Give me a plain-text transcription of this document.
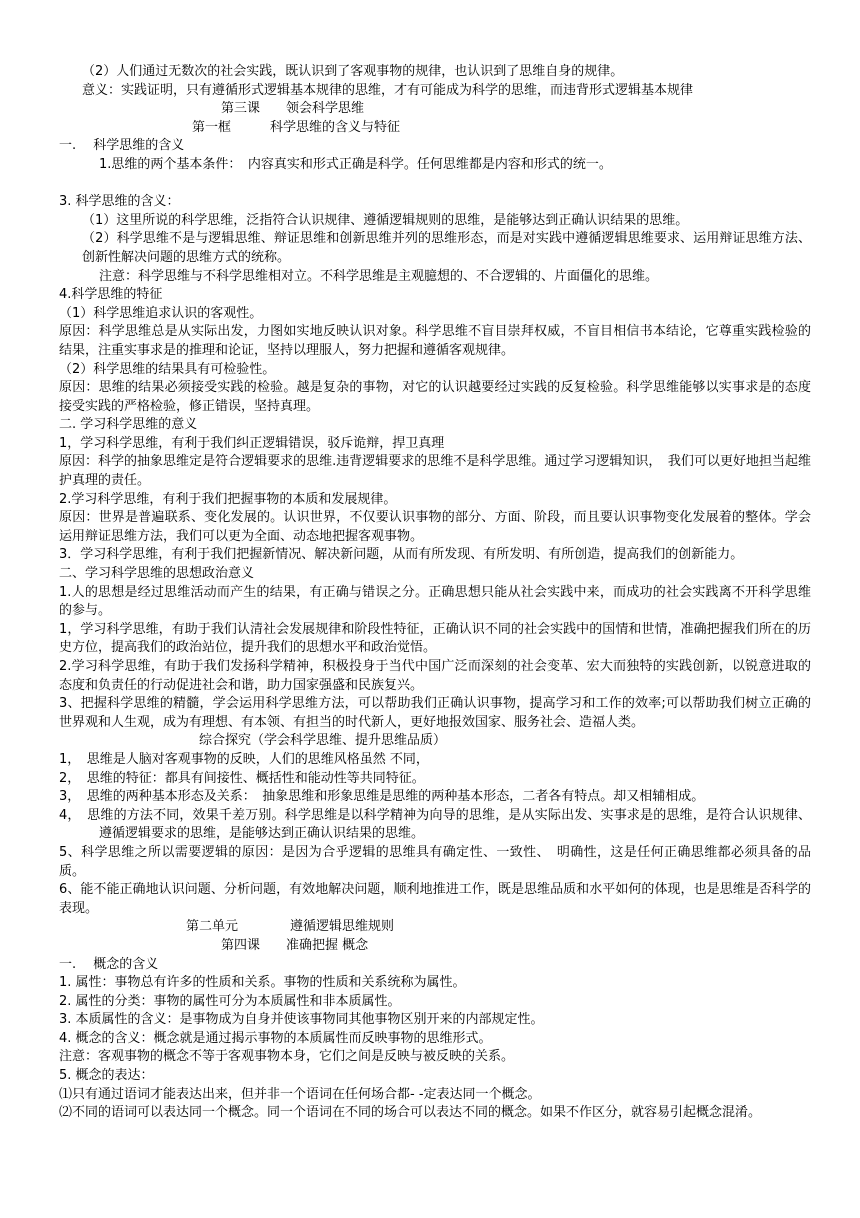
（2）人们通过无数次的社会实践，既认识到了客观事物的规律，也认识到了思维自身的规律。

意义：实践证明，只有遵循形式逻辑基本规律的思维，才有可能成为科学的思维，而违背形式逻辑基本规律

第三课　　领会科学思维

第一框　　　科学思维的含义与特征

一.　 科学思维的含义

1.思维的两个基本条件：　内容真实和形式正确是科学。任何思维都是内容和形式的统一。

3. 科学思维的含义：

（1）这里所说的科学思维，泛指符合认识规律、遵循逻辑规则的思维，是能够达到正确认识结果的思维。

（2）科学思维不是与逻辑思维、辩证思维和创新思维并列的思维形态，而是对实践中遵循逻辑思维要求、运用辩证思维方法、创新性解决问题的思维方式的统称。

注意：科学思维与不科学思维相对立。不科学思维是主观臆想的、不合逻辑的、片面僵化的思维。

4.科学思维的特征

（1）科学思维追求认识的客观性。

原因：科学思维总是从实际出发，力图如实地反映认识对象。科学思维不盲目崇拜权威，不盲目相信书本结论，它尊重实践检验的结果，注重实事求是的推理和论证，坚持以理服人，努力把握和遵循客观规律。

（2）科学思维的结果具有可检验性。

原因：思维的结果必须接受实践的检验。越是复杂的事物，对它的认识越要经过实践的反复检验。科学思维能够以实事求是的态度接受实践的严格检验，修正错误，坚持真理。

二. 学习科学思维的意义

1，学习科学思维，有利于我们纠正逻辑错误，驳斥诡辩，捍卫真理

原因：科学的抽象思维定是符合逻辑要求的思维.违背逻辑要求的思维不是科学思维。通过学习逻辑知识，　我们可以更好地担当起维护真理的责任。

2.学习科学思维，有利于我们把握事物的本质和发展规律。

原因：世界是普遍联系、变化发展的。认识世界，不仅要认识事物的部分、方面、阶段，而且要认识事物变化发展着的整体。学会运用辩证思维方法，我们可以更为全面、动态地把握客观事物。

3．学习科学思维，有利于我们把握新情况、解决新问题，从而有所发现、有所发明、有所创造，提高我们的创新能力。

二、学习科学思维的思想政治意义

1.人的思想是经过思维活动而产生的结果，有正确与错误之分。正确思想只能从社会实践中来，而成功的社会实践离不开科学思维的参与。

1，学习科学思维，有助于我们认清社会发展规律和阶段性特征，正确认识不同的社会实践中的国情和世情，准确把握我们所在的历史方位，提高我们的政治站位，提升我们的思想水平和政治觉悟。

2.学习科学思维，有助于我们发扬科学精神，积极投身于当代中国广泛而深刻的社会变革、宏大而独特的实践创新，以锐意进取的态度和负责任的行动促进社会和谐，助力国家强盛和民族复兴。

3、把握科学思维的精髓，学会运用科学思维方法，可以帮助我们正确认识事物，提高学习和工作的效率;可以帮助我们树立正确的世界观和人生观，成为有理想、有本领、有担当的时代新人，更好地报效国家、服务社会、造福人类。

综合探究（学会科学思维、提升思维品质）

1，　思维是人脑对客观事物的反映，人们的思维风格虽然 不同，

2，　思维的特征：都具有间接性、概括性和能动性等共同特征。

3，　思维的两种基本形态及关系：　抽象思维和形象思维是思维的两种基本形态，二者各有特点。却又相辅相成。

4，　思维的方法不同，效果千差万别。科学思维是以科学精神为向导的思维，是从实际出发、实事求是的思维，是符合认识规律、遵循逻辑要求的思维，是能够达到正确认识结果的思维。

5、科学思维之所以需要逻辑的原因：是因为合乎逻辑的思维具有确定性、一致性、　明确性，这是任何正确思维都必须具备的品质。

6、能不能正确地认识问题、分析问题，有效地解决问题，顺利地推进工作，既是思维品质和水平如何的体现，也是思维是否科学的表现。

第二单元　　　　遵循逻辑思维规则

第四课　　准确把握 概念

一.　 概念的含义

1. 属性：事物总有许多的性质和关系。事物的性质和关系统称为属性。

2. 属性的分类：事物的属性可分为本质属性和非本质属性。

3. 本质属性的含义：是事物成为自身并使该事物同其他事物区别开来的内部规定性。

4. 概念的含义：概念就是通过揭示事物的本质属性而反映事物的思维形式。

注意：客观事物的概念不等于客观事物本身，它们之间是反映与被反映的关系。

5. 概念的表达：

⑴只有通过语词才能表达出来，但并非一个语词在任何场合都- -定表达同一个概念。

⑵不同的语词可以表达同一个概念。同一个语词在不同的场合可以表达不同的概念。如果不作区分，就容易引起概念混淆。
